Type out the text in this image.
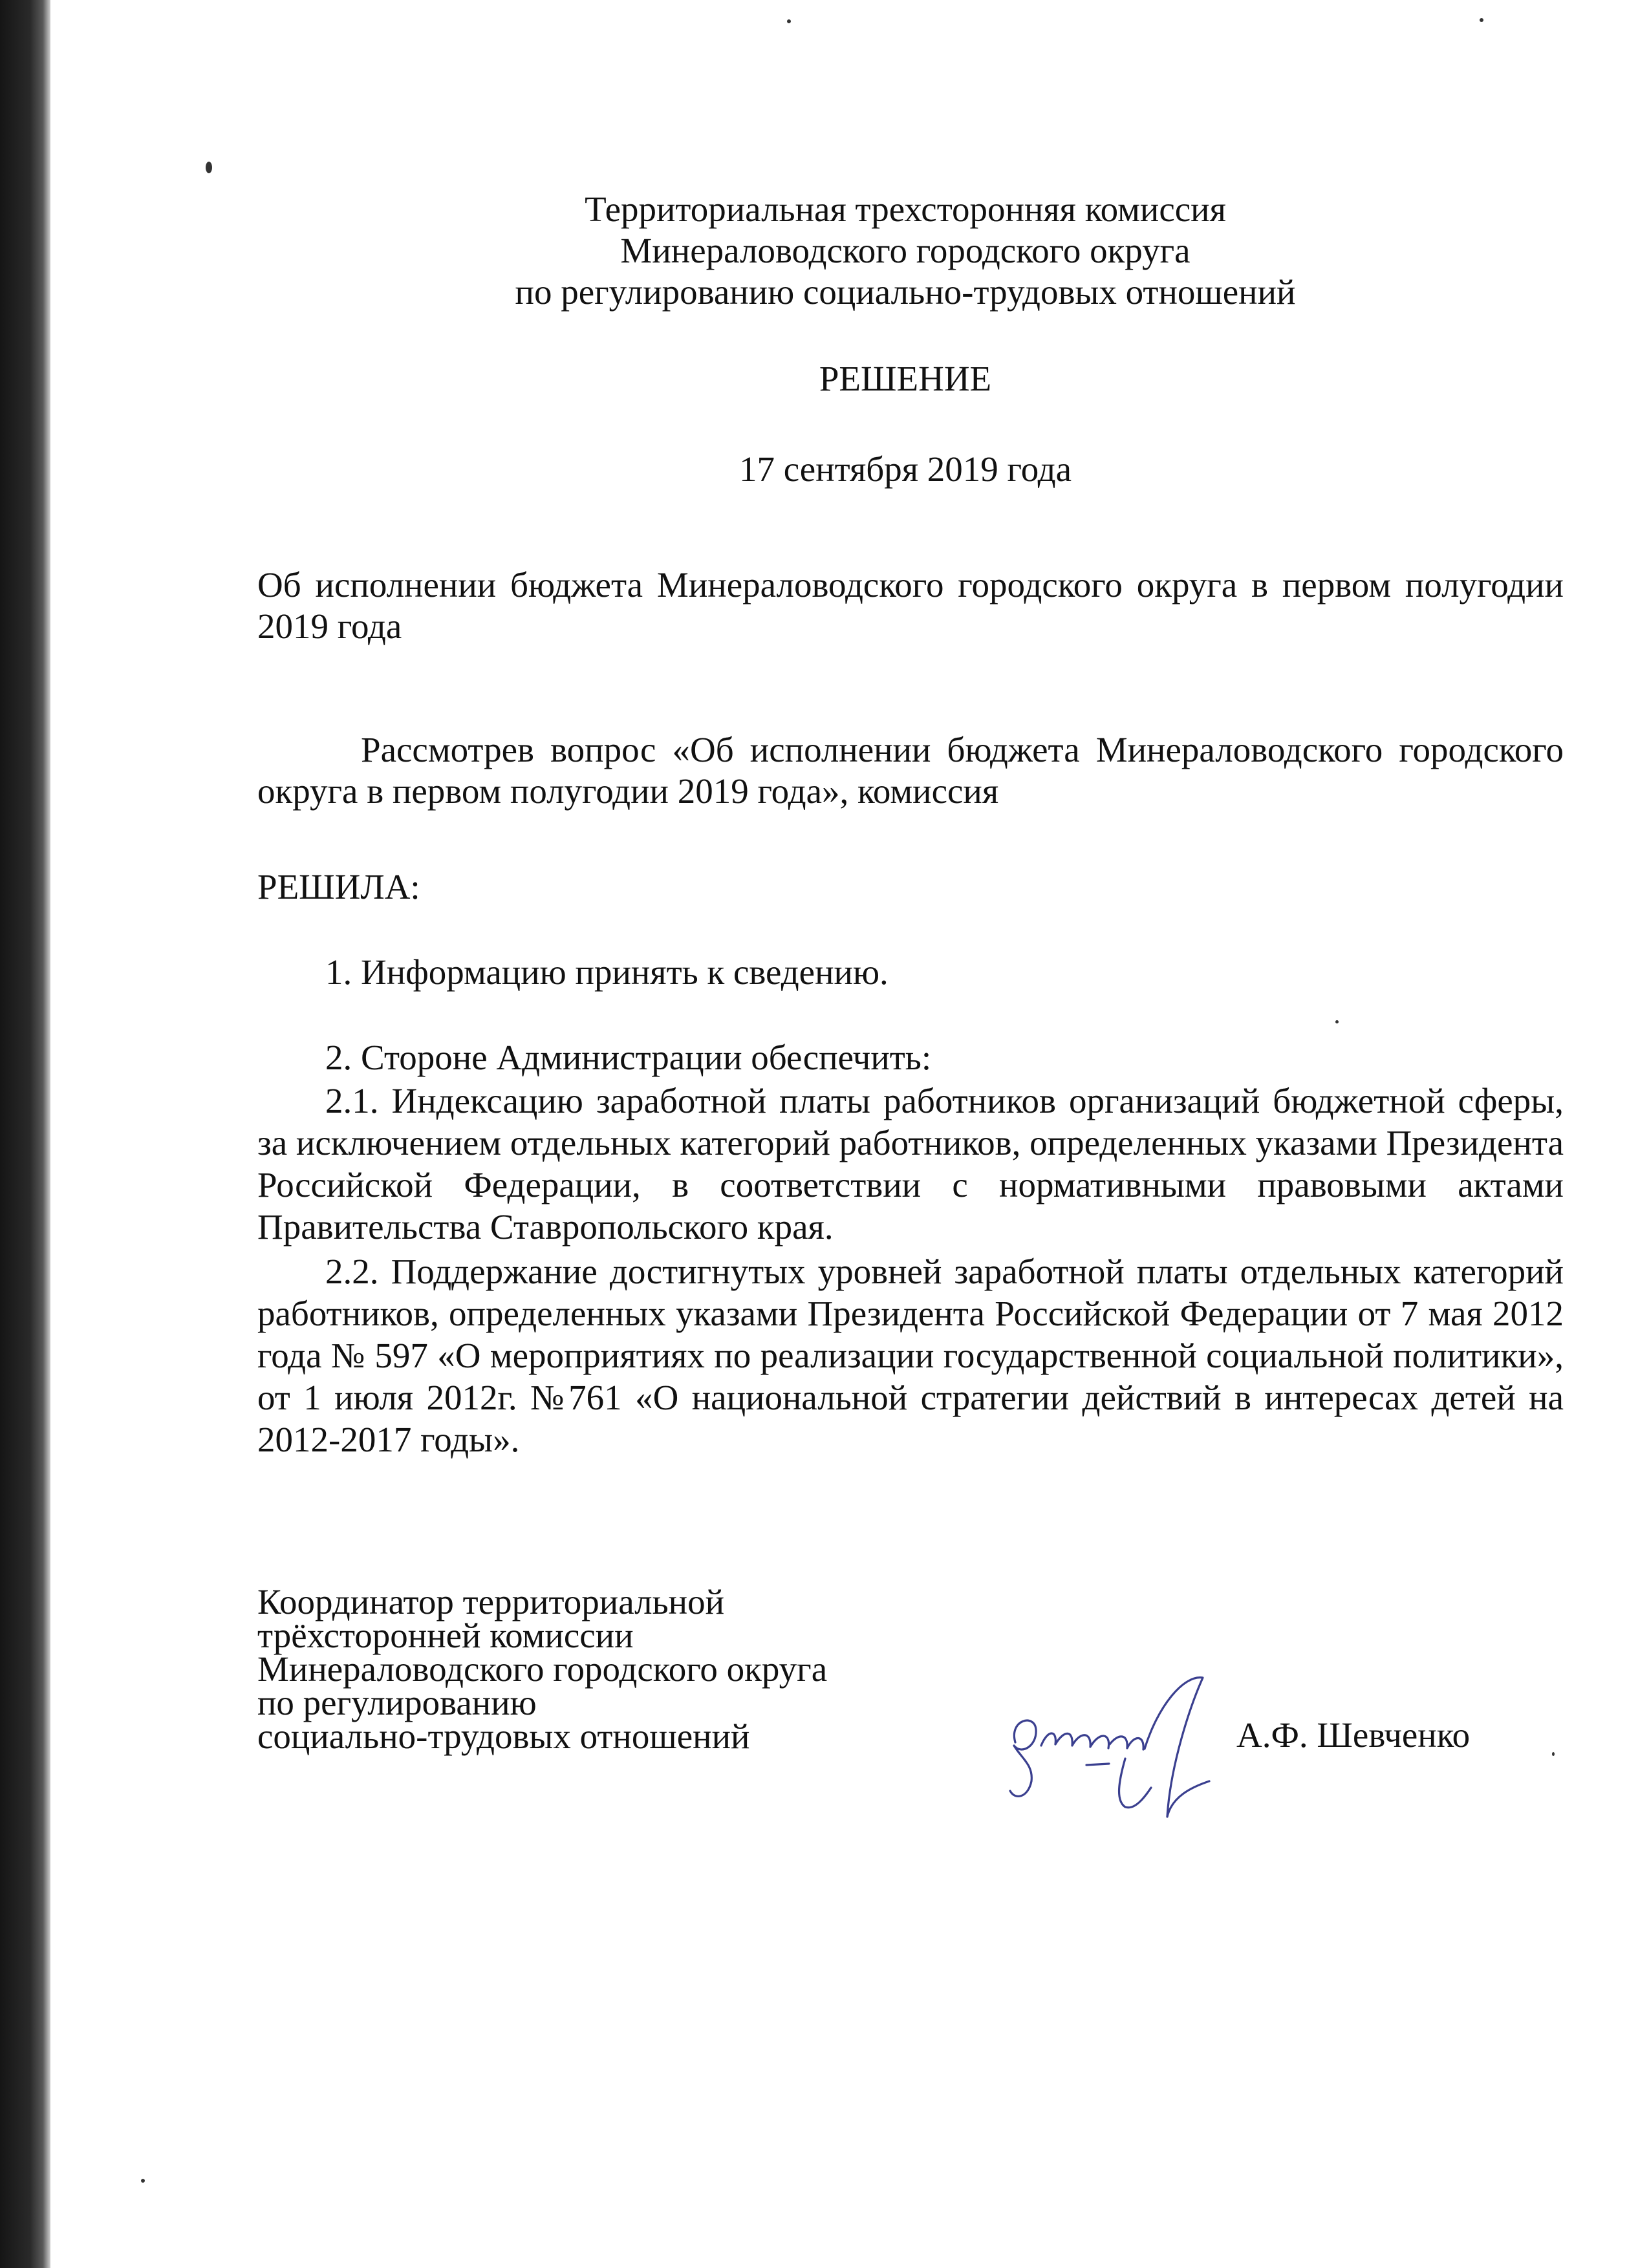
Территориальная трехсторонняя комиссия
Минераловодского городского округа
по регулированию социально-трудовых отношений
РЕШЕНИЕ
17 сентября 2019 года
Об исполнении бюджета Минераловодского городского округа в первом полугодии 2019 года
Рассмотрев вопрос «Об исполнении бюджета Минераловодского городского округа в первом полугодии 2019 года», комиссия
РЕШИЛА:
1. Информацию принять к сведению.
2. Стороне Администрации обеспечить:
2.1. Индексацию заработной платы работников организаций бюджетной сферы, за исключением отдельных категорий работников, определенных указами Президента Российской Федерации, в соответствии с нормативными правовыми актами Правительства Ставропольского края.
2.2. Поддержание достигнутых уровней заработной платы отдельных категорий работников, определенных указами Президента Российской Федерации от 7 мая 2012 года № 597 «О мероприятиях по реализации государственной социальной политики», от 1 июля 2012г. №761 «О национальной стратегии действий в интересах детей на 2012-2017 годы».
Координатор территориальной
трёхсторонней комиссии
Минераловодского городского округа
по регулированию
социально-трудовых отношений	А.Ф. Шевченко
